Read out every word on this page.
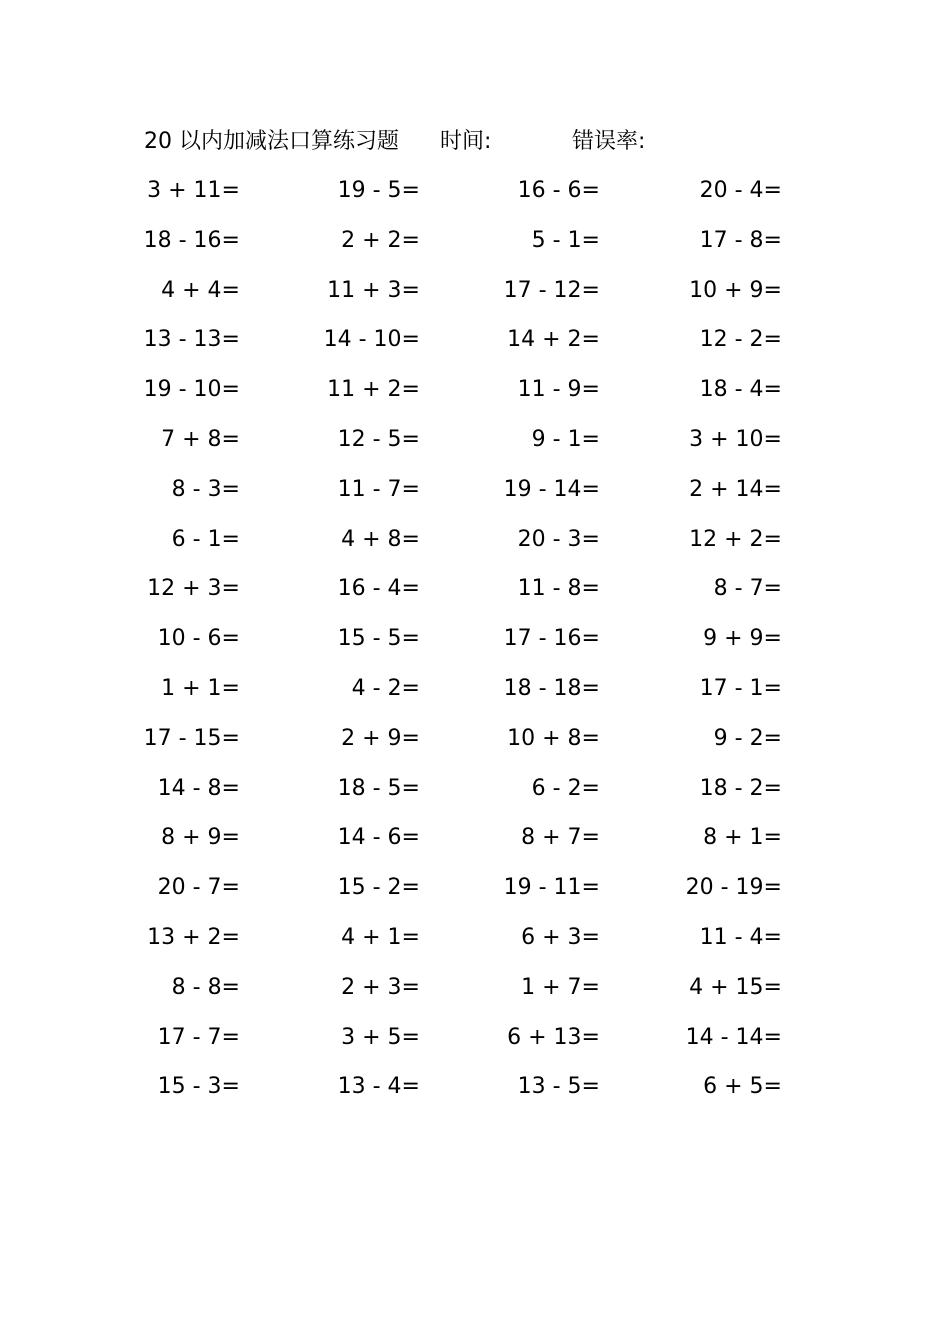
20 以内加减法口算练习题 时间:	错误率:
3 + 11=	19 - 5=	16 - 6=	20 - 4=
18 - 16=	2 + 2=	5 - 1=	17 - 8=
4 + 4=	11 + 3=	17 - 12=	10 + 9=
13 - 13=	14 - 10=	14 + 2=	12 - 2=
19 - 10=	11 + 2=	11 - 9=	18 - 4=
7 + 8=	12 - 5=	9 - 1=	3 + 10=
8 - 3=	11 - 7=	19 - 14=	2 + 14=
6 - 1=	4 + 8=	20 - 3=	12 + 2=
12 + 3=	16 - 4=	11 - 8=	8 - 7=
10 - 6=	15 - 5=	17 - 16=	9 + 9=
1 + 1=	4 - 2=	18 - 18=	17 - 1=
17 - 15=	2 + 9=	10 + 8=	9 - 2=
14 - 8=	18 - 5=	6 - 2=	18 - 2=
8 + 9=	14 - 6=	8 + 7=	8 + 1=
20 - 7=	15 - 2=	19 - 11=	20 - 19=
13 + 2=	4 + 1=	6 + 3=	11 - 4=
8 - 8=	2 + 3=	1 + 7=	4 + 15=
17 - 7=	3 + 5=	6 + 13=	14 - 14=
15 - 3=	13 - 4=	13 - 5=	6 + 5=
